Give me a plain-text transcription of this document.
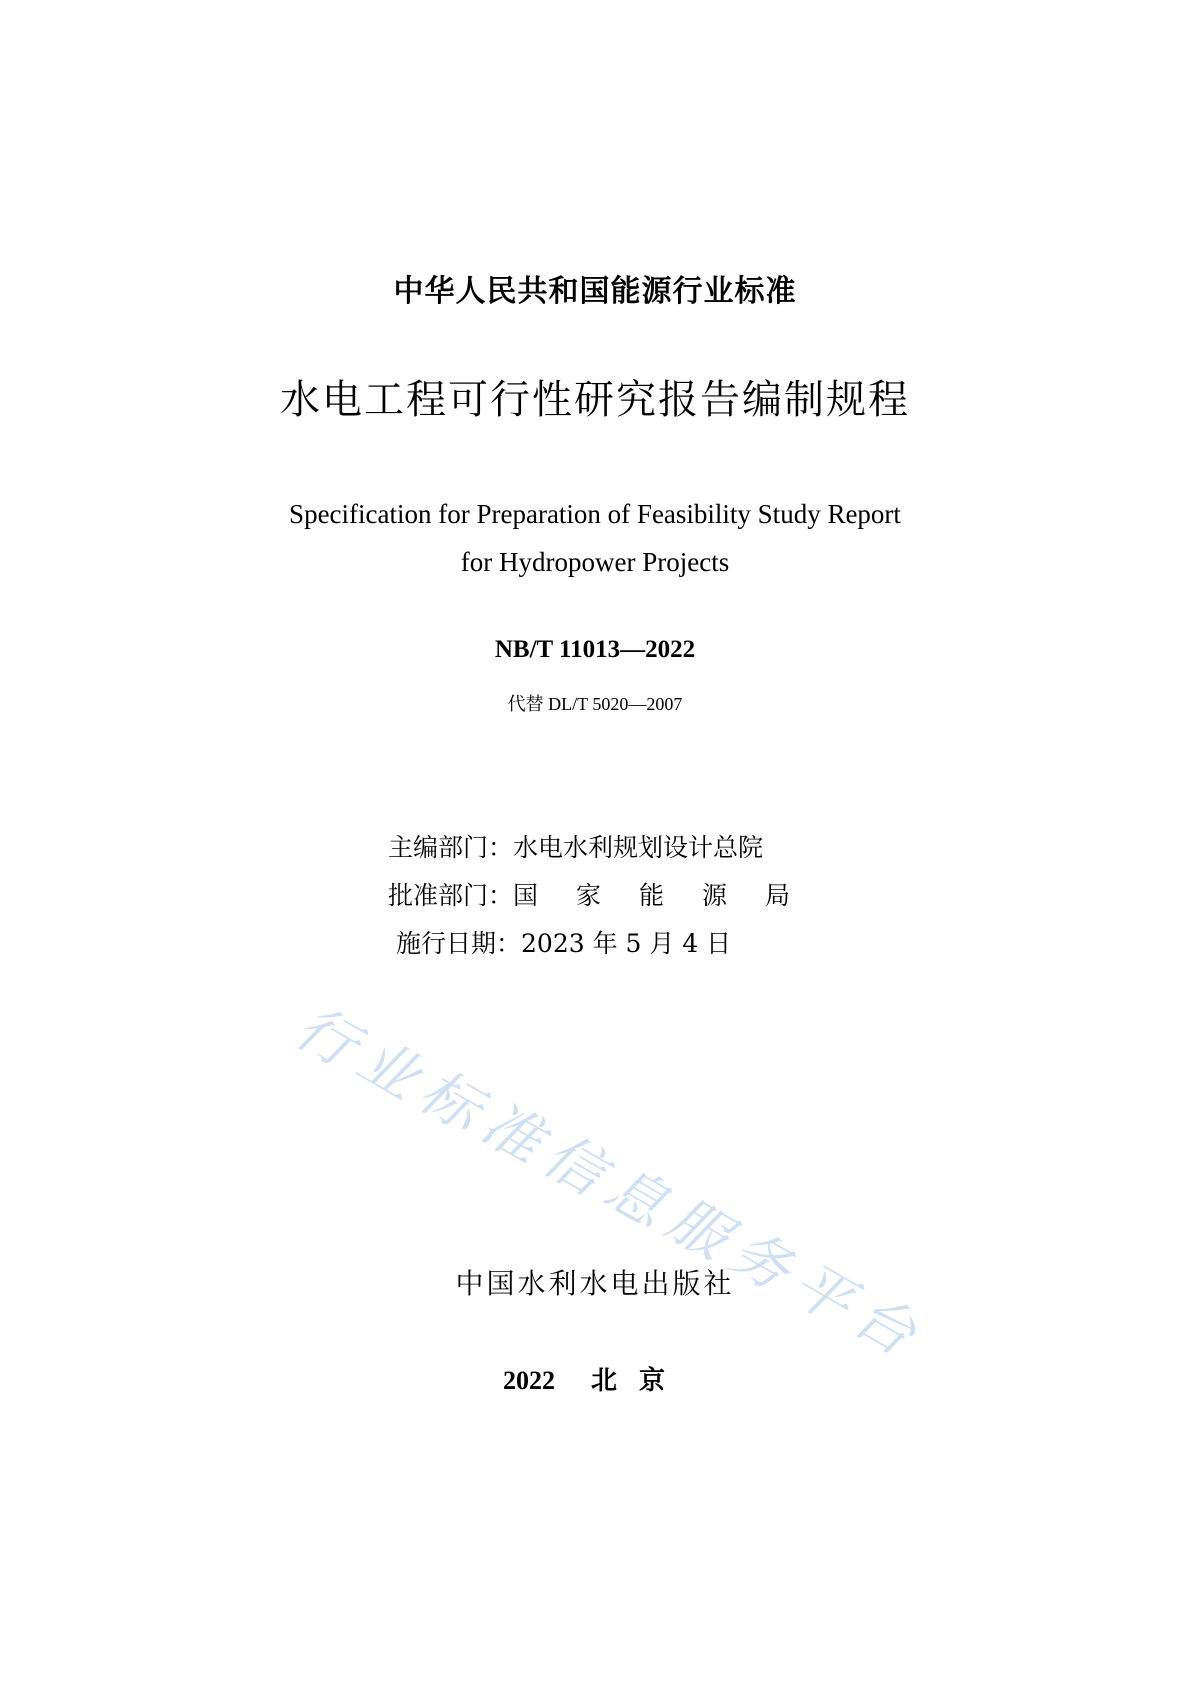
行
业
标
准
信
息
服
务
平
台
中华人民共和国能源行业标准
水电工程可行性研究报告编制规程
Specification for Preparation of Feasibility Study Report
for Hydropower Projects
NB/T 11013—2022
代替 DL/T 5020—2007
主编部门：水电水利规划设计总院
批准部门：国 家 能 源 局
施行日期：2023 年 5 月 4 日
中国水利水电出版社
2022 北京
